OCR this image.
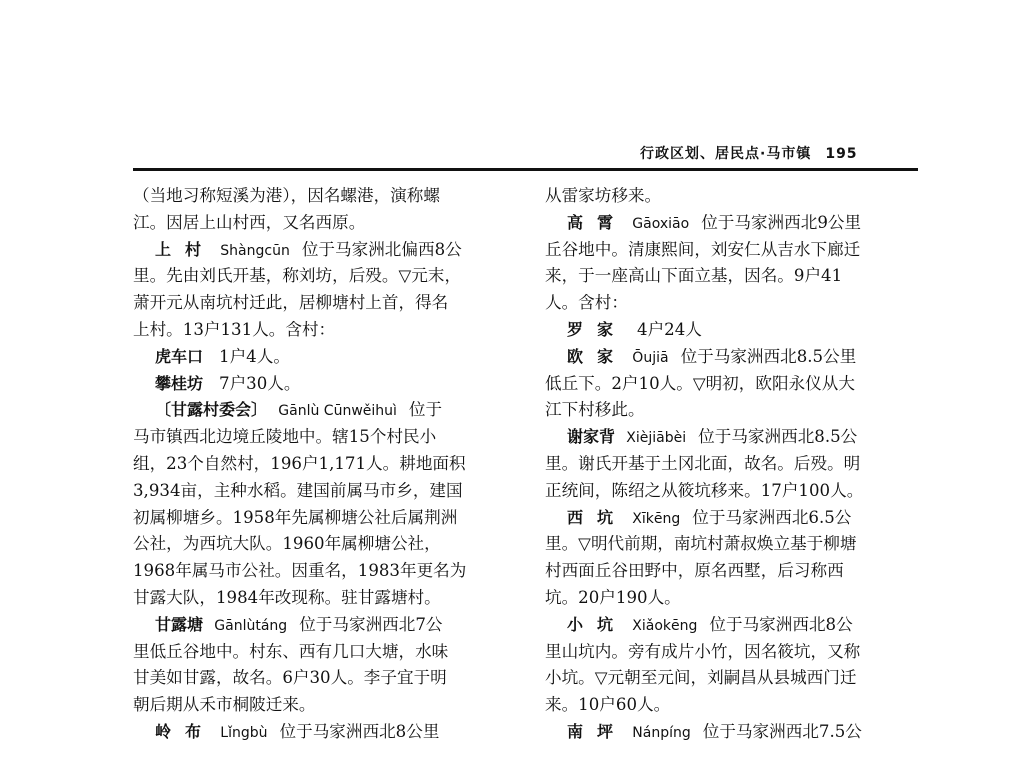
行政区划、居民点·马市镇 195
（当地习称短溪为港），因名螺港，演称螺
江。因居上山村西，又名西原。
上村 Shàngcūn 位于马家洲北偏西8公
里。先由刘氏开基，称刘坊，后殁。▽元末，
萧开元从南坑村迁此，居柳塘村上首，得名
上村。13户131人。含村：
虎车口 1户4人。
攀桂坊 7户30人。
〔甘露村委会〕 Gānlù Cūnwěihuì 位于
马市镇西北边境丘陵地中。辖15个村民小
组，23个自然村，196户1,171人。耕地面积
3,934亩，主种水稻。建国前属马市乡，建国
初属柳塘乡。1958年先属柳塘公社后属荆洲
公社，为西坑大队。1960年属柳塘公社，
1968年属马市公社。因重名，1983年更名为
甘露大队，1984年改现称。驻甘露塘村。
甘露塘 Gānlùtáng 位于马家洲西北7公
里低丘谷地中。村东、西有几口大塘，水味
甘美如甘露，故名。6户30人。李子宜于明
朝后期从禾市桐陂迁来。
岭布 Lǐngbù 位于马家洲西北8公里
从雷家坊移来。
高霄 Gāoxiāo 位于马家洲西北9公里
丘谷地中。清康熙间，刘安仁从吉水下廊迁
来，于一座高山下面立基，因名。9户41
人。含村：
罗家 4户24人
欧家 Ōujiā 位于马家洲西北8.5公里
低丘下。2户10人。▽明初，欧阳永仪从大
江下村移此。
谢家背 Xièjiābèi 位于马家洲西北8.5公
里。谢氏开基于土冈北面，故名。后殁。明
正统间，陈绍之从筱坑移来。17户100人。
西坑 Xīkēng 位于马家洲西北6.5公
里。▽明代前期，南坑村萧叔焕立基于柳塘
村西面丘谷田野中，原名西墅，后习称西
坑。20户190人。
小坑 Xiǎokēng 位于马家洲西北8公
里山坑内。旁有成片小竹，因名筱坑，又称
小坑。▽元朝至元间，刘嗣昌从县城西门迁
来。10户60人。
南坪 Nánpíng 位于马家洲西北7.5公
